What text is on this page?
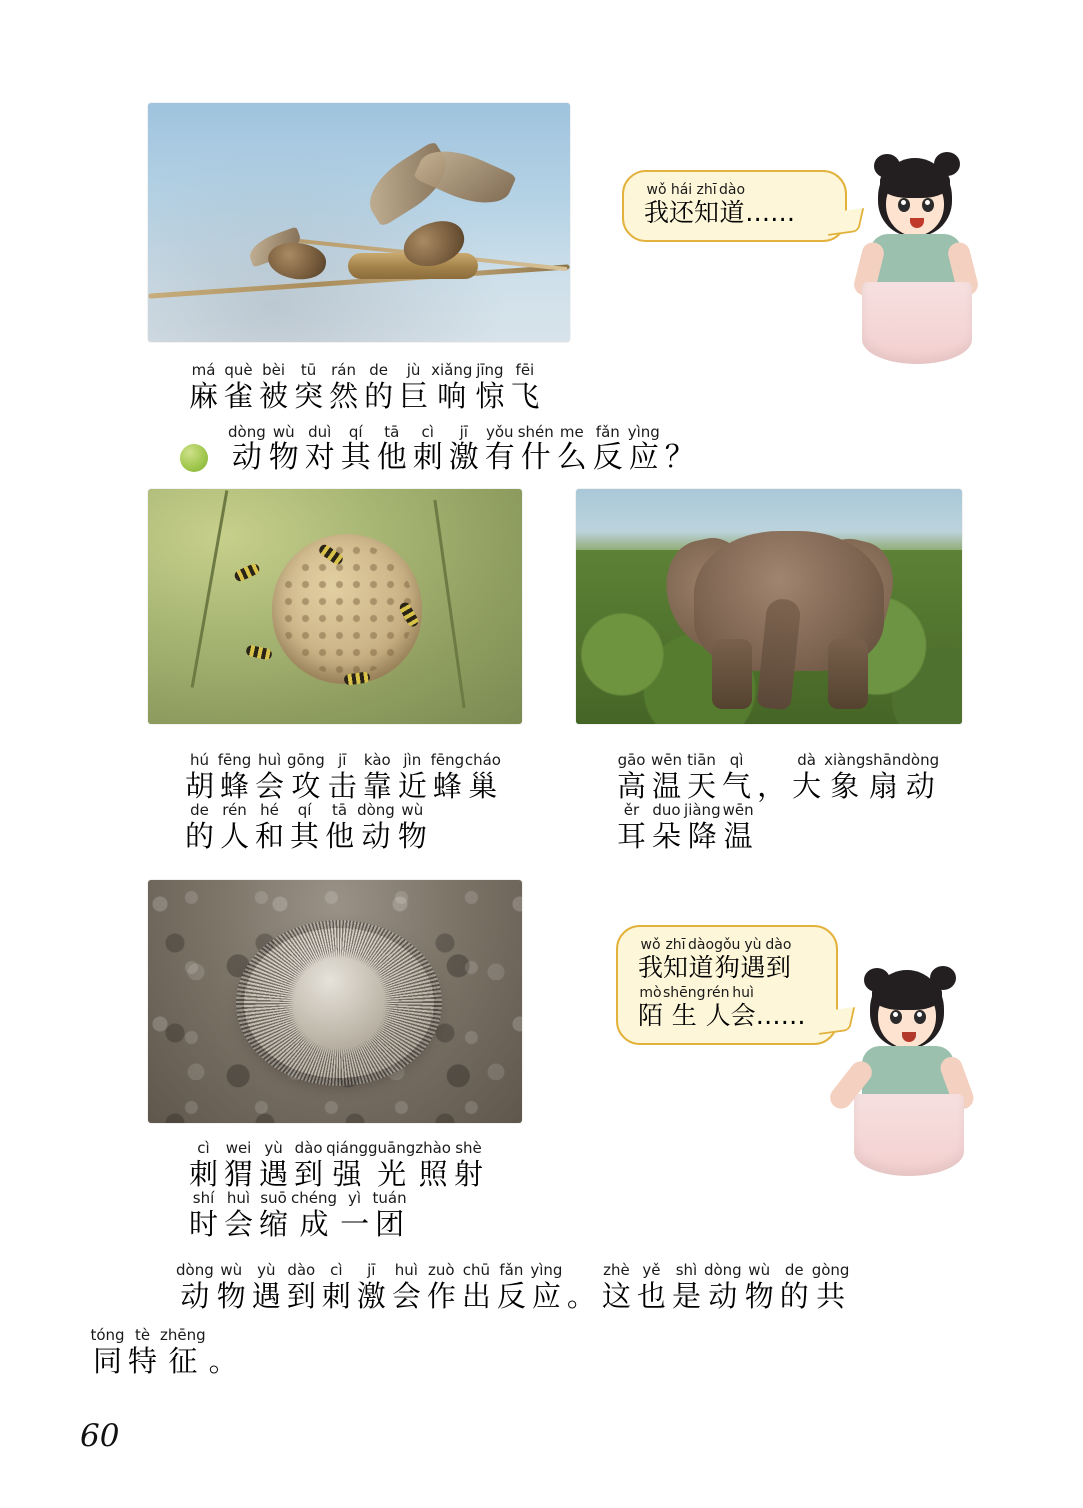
wǒ
我
hái
还
zhī
知
dào
道
……
má
麻
què
雀
bèi
被
tū
突
rán
然
de
的
jù
巨
xiǎng
响
jīng
惊
fēi
飞
dòng
动
wù
物
duì
对
qí
其
tā
他
cì
刺
jī
激
yǒu
有
shén
什
me
么
fǎn
反
yìng
应
？
hú
胡
fēng
蜂
huì
会
gōng
攻
jī
击
kào
靠
jìn
近
fēng
蜂
cháo
巢
de
的
rén
人
hé
和
qí
其
tā
他
dòng
动
wù
物
gāo
高
wēn
温
tiān
天
qì
气
，
dà
大
xiàng
象
shān
扇
dòng
动
ěr
耳
duo
朵
jiàng
降
wēn
温
wǒ
我
zhī
知
dào
道
gǒu
狗
yù
遇
dào
到
mò
陌
shēng
生
rén
人
huì
会
……
cì
刺
wei
猬
yù
遇
dào
到
qiáng
强
guāng
光
zhào
照
shè
射
shí
时
huì
会
suō
缩
chéng
成
yì
一
tuán
团
dòng
动
wù
物
yù
遇
dào
到
cì
刺
jī
激
huì
会
zuò
作
chū
出
fǎn
反
yìng
应
。
zhè
这
yě
也
shì
是
dòng
动
wù
物
de
的
gòng
共
tóng
同
tè
特
zhēng
征
。
60
